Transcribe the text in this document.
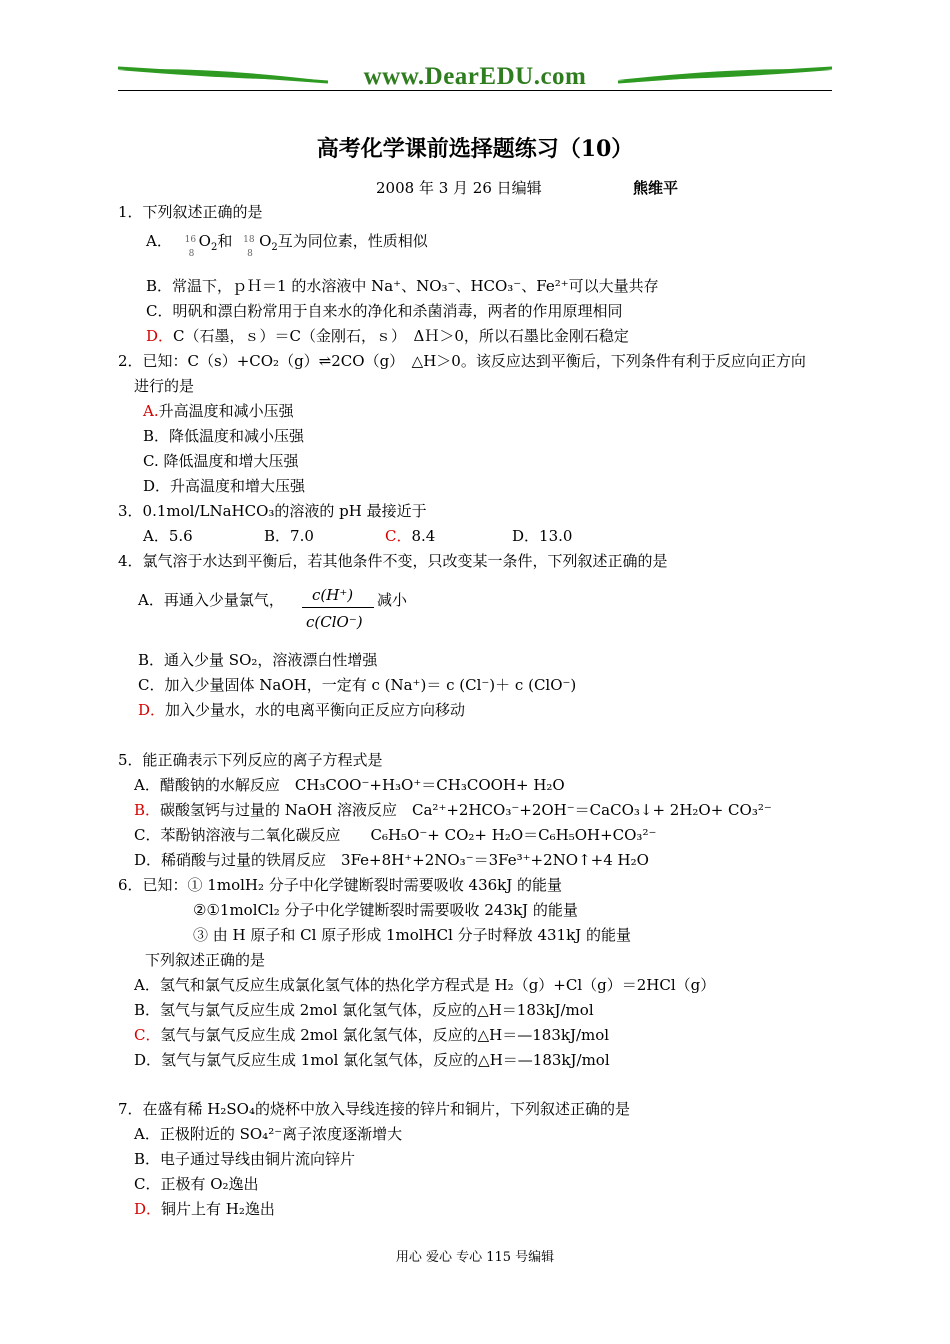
www.DearEDU.com
高考化学课前选择题练习（10）
2008 年 3 月 26 日编辑	熊维平
1．下列叙述正确的是
A． 16
8
$O_2$和 18
8
$O_2$互为同位素，性质相似
B．常温下，ｐＨ＝1 的水溶液中 Na⁺、NO₃⁻、HCO₃⁻、Fe²⁺可以大量共存
C．明矾和漂白粉常用于自来水的净化和杀菌消毒，两者的作用原理相同
D．C（石墨，ｓ）＝C（金刚石，ｓ）　ΔＨ＞0，所以石墨比金刚石稳定
2．已知：C（s）+CO₂（g）⇌2CO（g）　△H＞0。该反应达到平衡后，下列条件有利于反应向正方向
进行的是
A.升高温度和减小压强
B．降低温度和减小压强
C. 降低温度和增大压强
D．升高温度和增大压强
3．0.1mol/LNaHCO₃的溶液的 pH 最接近于
A．5.6	B．7.0	C．8.4	D．13.0
4．氯气溶于水达到平衡后，若其他条件不变，只改变某一条件，下列叙述正确的是
A．再通入少量氯气， c(H⁺)
c(ClO⁻)
减小
B．通入少量 SO₂，溶液漂白性增强
C．加入少量固体 NaOH，一定有 c (Na⁺)＝ c (Cl⁻)＋ c (ClO⁻)
D．加入少量水，水的电离平衡向正反应方向移动
5．能正确表示下列反应的离子方程式是
A．醋酸钠的水解反应　CH₃COO⁻+H₃O⁺＝CH₃COOH+ H₂O
B．碳酸氢钙与过量的 NaOH 溶液反应　Ca²⁺+2HCO₃⁻+2OH⁻＝CaCO₃↓+ 2H₂O+ CO₃²⁻
C．苯酚钠溶液与二氧化碳反应　　C₆H₅O⁻+ CO₂+ H₂O＝C₆H₅OH+CO₃²⁻
D．稀硝酸与过量的铁屑反应　3Fe+8H⁺+2NO₃⁻＝3Fe³⁺+2NO↑+4 H₂O
6．已知：① 1molH₂ 分子中化学键断裂时需要吸收 436kJ 的能量
②①1molCl₂ 分子中化学键断裂时需要吸收 243kJ 的能量
③ 由 H 原子和 Cl 原子形成 1molHCl 分子时释放 431kJ 的能量
下列叙述正确的是
A．氢气和氯气反应生成氯化氢气体的热化学方程式是 H₂（g）+Cl（g）＝2HCl（g）
B．氢气与氯气反应生成 2mol 氯化氢气体，反应的△H＝183kJ/mol
C．氢气与氯气反应生成 2mol 氯化氢气体，反应的△H＝—183kJ/mol
D．氢气与氯气反应生成 1mol 氯化氢气体，反应的△H＝—183kJ/mol
7．在盛有稀 H₂SO₄的烧杯中放入导线连接的锌片和铜片，下列叙述正确的是
A．正极附近的 SO₄²⁻离子浓度逐渐增大
B．电子通过导线由铜片流向锌片
C．正极有 O₂逸出
D．铜片上有 H₂逸出
用心 爱心 专心 115 号编辑
